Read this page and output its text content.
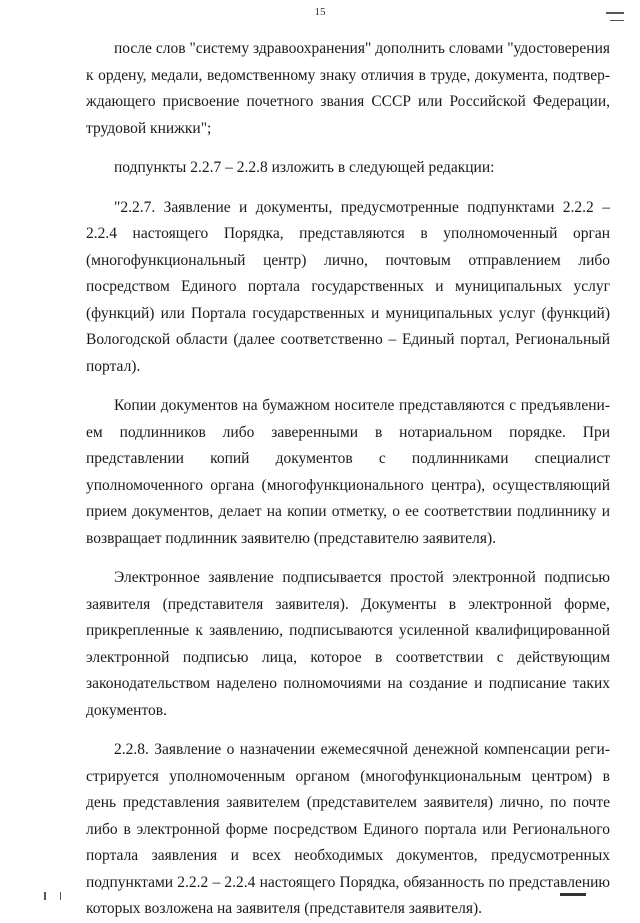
15

после слов "систему здравоохранения" дополнить словами "удостоверения к ордену, медали, ведомственному знаку отличия в труде, документа, подтверждающего присвоение почетного звания СССР или Российской Федерации, трудовой книжки";

подпункты 2.2.7 – 2.2.8 изложить в следующей редакции:

"2.2.7. Заявление и документы, предусмотренные подпунктами 2.2.2 – 2.2.4 настоящего Порядка, представляются в уполномоченный орган (многофункциональный центр) лично, почтовым отправлением либо посредством Единого портала государственных и муниципальных услуг (функций) или Портала государственных и муниципальных услуг (функций) Вологодской области (далее соответственно – Единый портал, Региональный портал).

Копии документов на бумажном носителе представляются с предъявлением подлинников либо заверенными в нотариальном порядке. При представлении копий документов с подлинниками специалист уполномоченного органа (многофункционального центра), осуществляющий прием документов, делает на копии отметку, о ее соответствии подлиннику и возвращает подлинник заявителю (представителю заявителя).

Электронное заявление подписывается простой электронной подписью заявителя (представителя заявителя). Документы в электронной форме, прикрепленные к заявлению, подписываются усиленной квалифицированной электронной подписью лица, которое в соответствии с действующим законодательством наделено полномочиями на создание и подписание таких документов.

2.2.8. Заявление о назначении ежемесячной денежной компенсации регистрируется уполномоченным органом (многофункциональным центром) в день представления заявителем (представителем заявителя) лично, по почте либо в электронной форме посредством Единого портала или Регионального портала заявления и всех необходимых документов, предусмотренных подпунктами 2.2.2 – 2.2.4 настоящего Порядка, обязанность по представлению которых возложена на заявителя (представителя заявителя).
